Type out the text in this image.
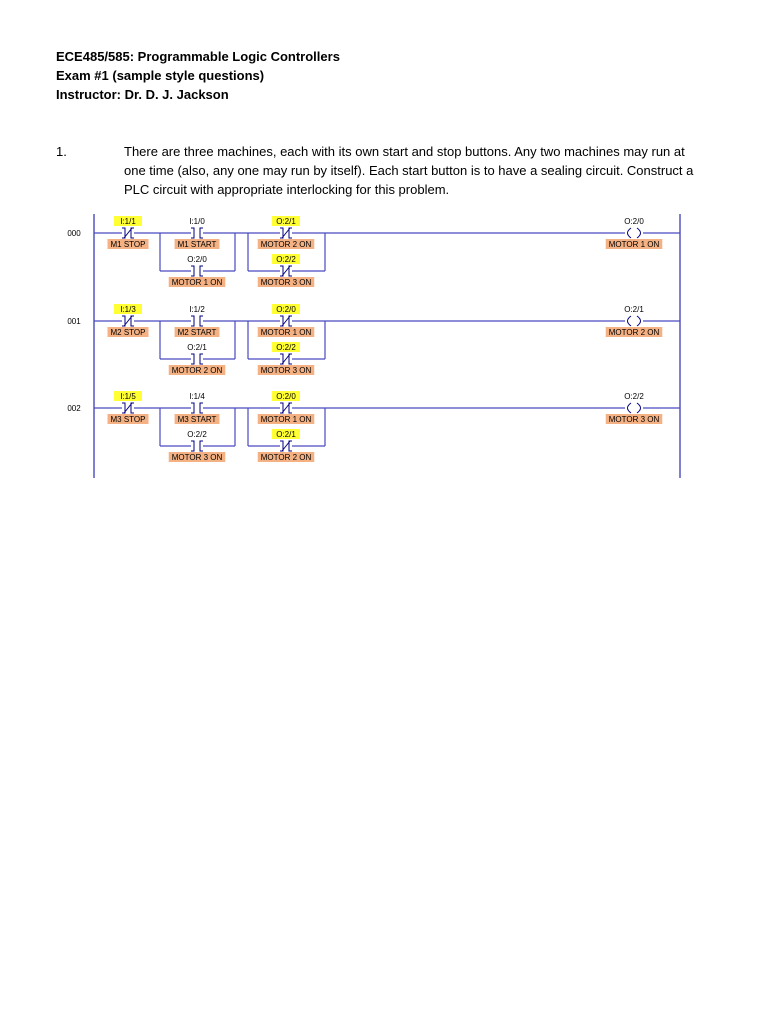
ECE485/585: Programmable Logic Controllers
Exam #1 (sample style questions)
Instructor: Dr. D. J. Jackson
1.	There are three machines, each with its own start and stop buttons. Any two machines may run at one time (also, any one may run by itself). Each start button is to have a sealing circuit. Construct a PLC circuit with appropriate interlocking for this problem.
000
I:1/1
M1 STOP
I:1/0
M1 START
O:2/0
MOTOR 1 ON
O:2/1
MOTOR 2 ON
O:2/2
MOTOR 3 ON
O:2/0
MOTOR 1 ON
001
I:1/3
M2 STOP
I:1/2
M2 START
O:2/1
MOTOR 2 ON
O:2/0
MOTOR 1 ON
O:2/2
MOTOR 3 ON
O:2/1
MOTOR 2 ON
002
I:1/5
M3 STOP
I:1/4
M3 START
O:2/2
MOTOR 3 ON
O:2/0
MOTOR 1 ON
O:2/1
MOTOR 2 ON
O:2/2
MOTOR 3 ON
